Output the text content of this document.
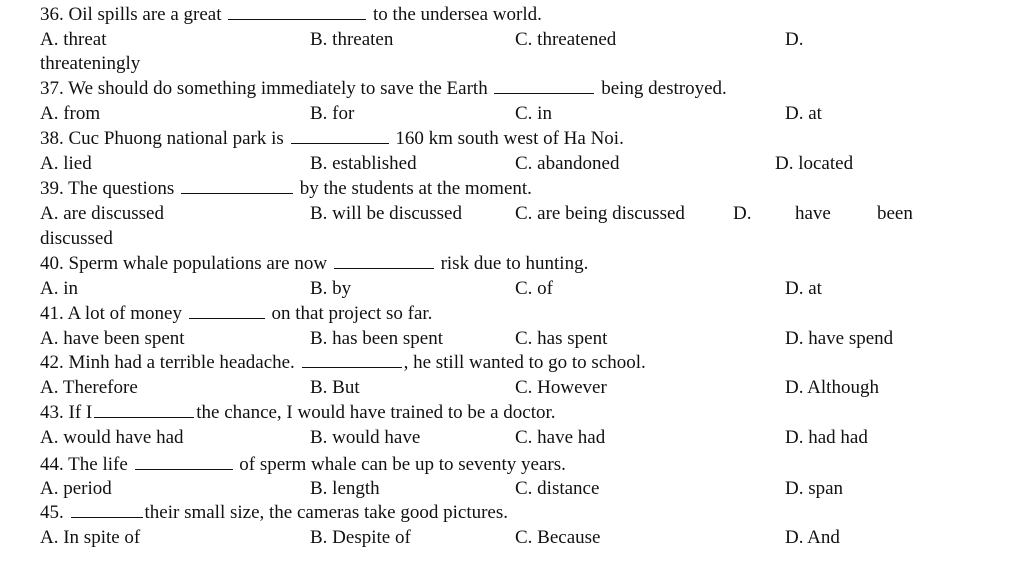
36. Oil spills are a great	to the undersea world.
A. threat	B. threaten	C. threatened	D.
threateningly
37. We should do something immediately to save the Earth	being destroyed.
A. from	B. for	C. in	D. at
38. Cuc Phuong national park is	160 km south west of Ha Noi.
A. lied	B. established	C. abandoned	D. located
39. The questions	by the students at the moment.
A. are discussed	B. will be discussed	C. are being discussed	D. have been
discussed
40. Sperm whale populations are now	risk due to hunting.
A. in	B. by	C. of	D. at
41. A lot of money	on that project so far.
A. have been spent	B. has been spent	C. has spent	D. have spend
42. Minh had a terrible headache.	, he still wanted to go to school.
A. Therefore	B. But	C. However	D. Although
43. If I	the chance, I would have trained to be a doctor.
A. would have had	B. would have	C. have had	D. had had
44. The life	of sperm whale can be up to seventy years.
A. period	B. length	C. distance	D. span
45.	their small size, the cameras take good pictures.
A. In spite of	B. Despite of	C. Because	D. And
